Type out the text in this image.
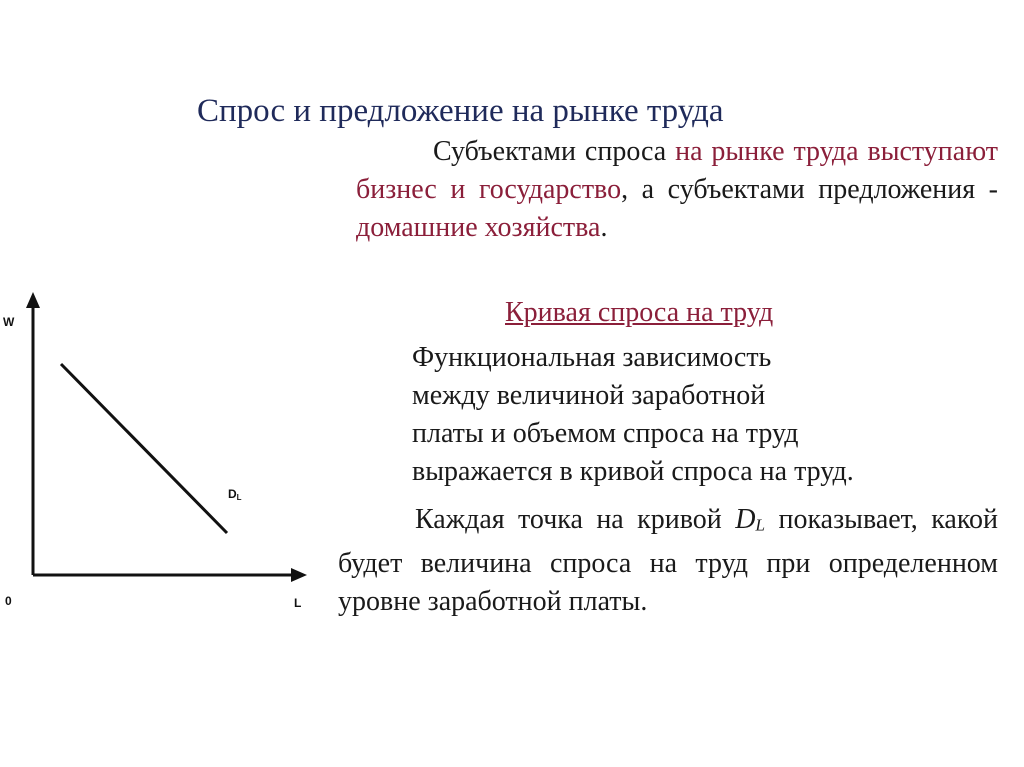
Спрос и предложение на рынке труда
Субъектами спроса на рынке труда выступают бизнес и государство, а субъектами предложения - домашние хозяйства.
Кривая спроса на труд
Функциональная зависимость
между величиной заработной
платы и объемом спроса на труд
выражается в кривой спроса на труд.
Каждая точка на кривой $D_L$ показывает, какой будет величина спроса на труд при определенном уровне заработной платы.
W
L
0
DL
